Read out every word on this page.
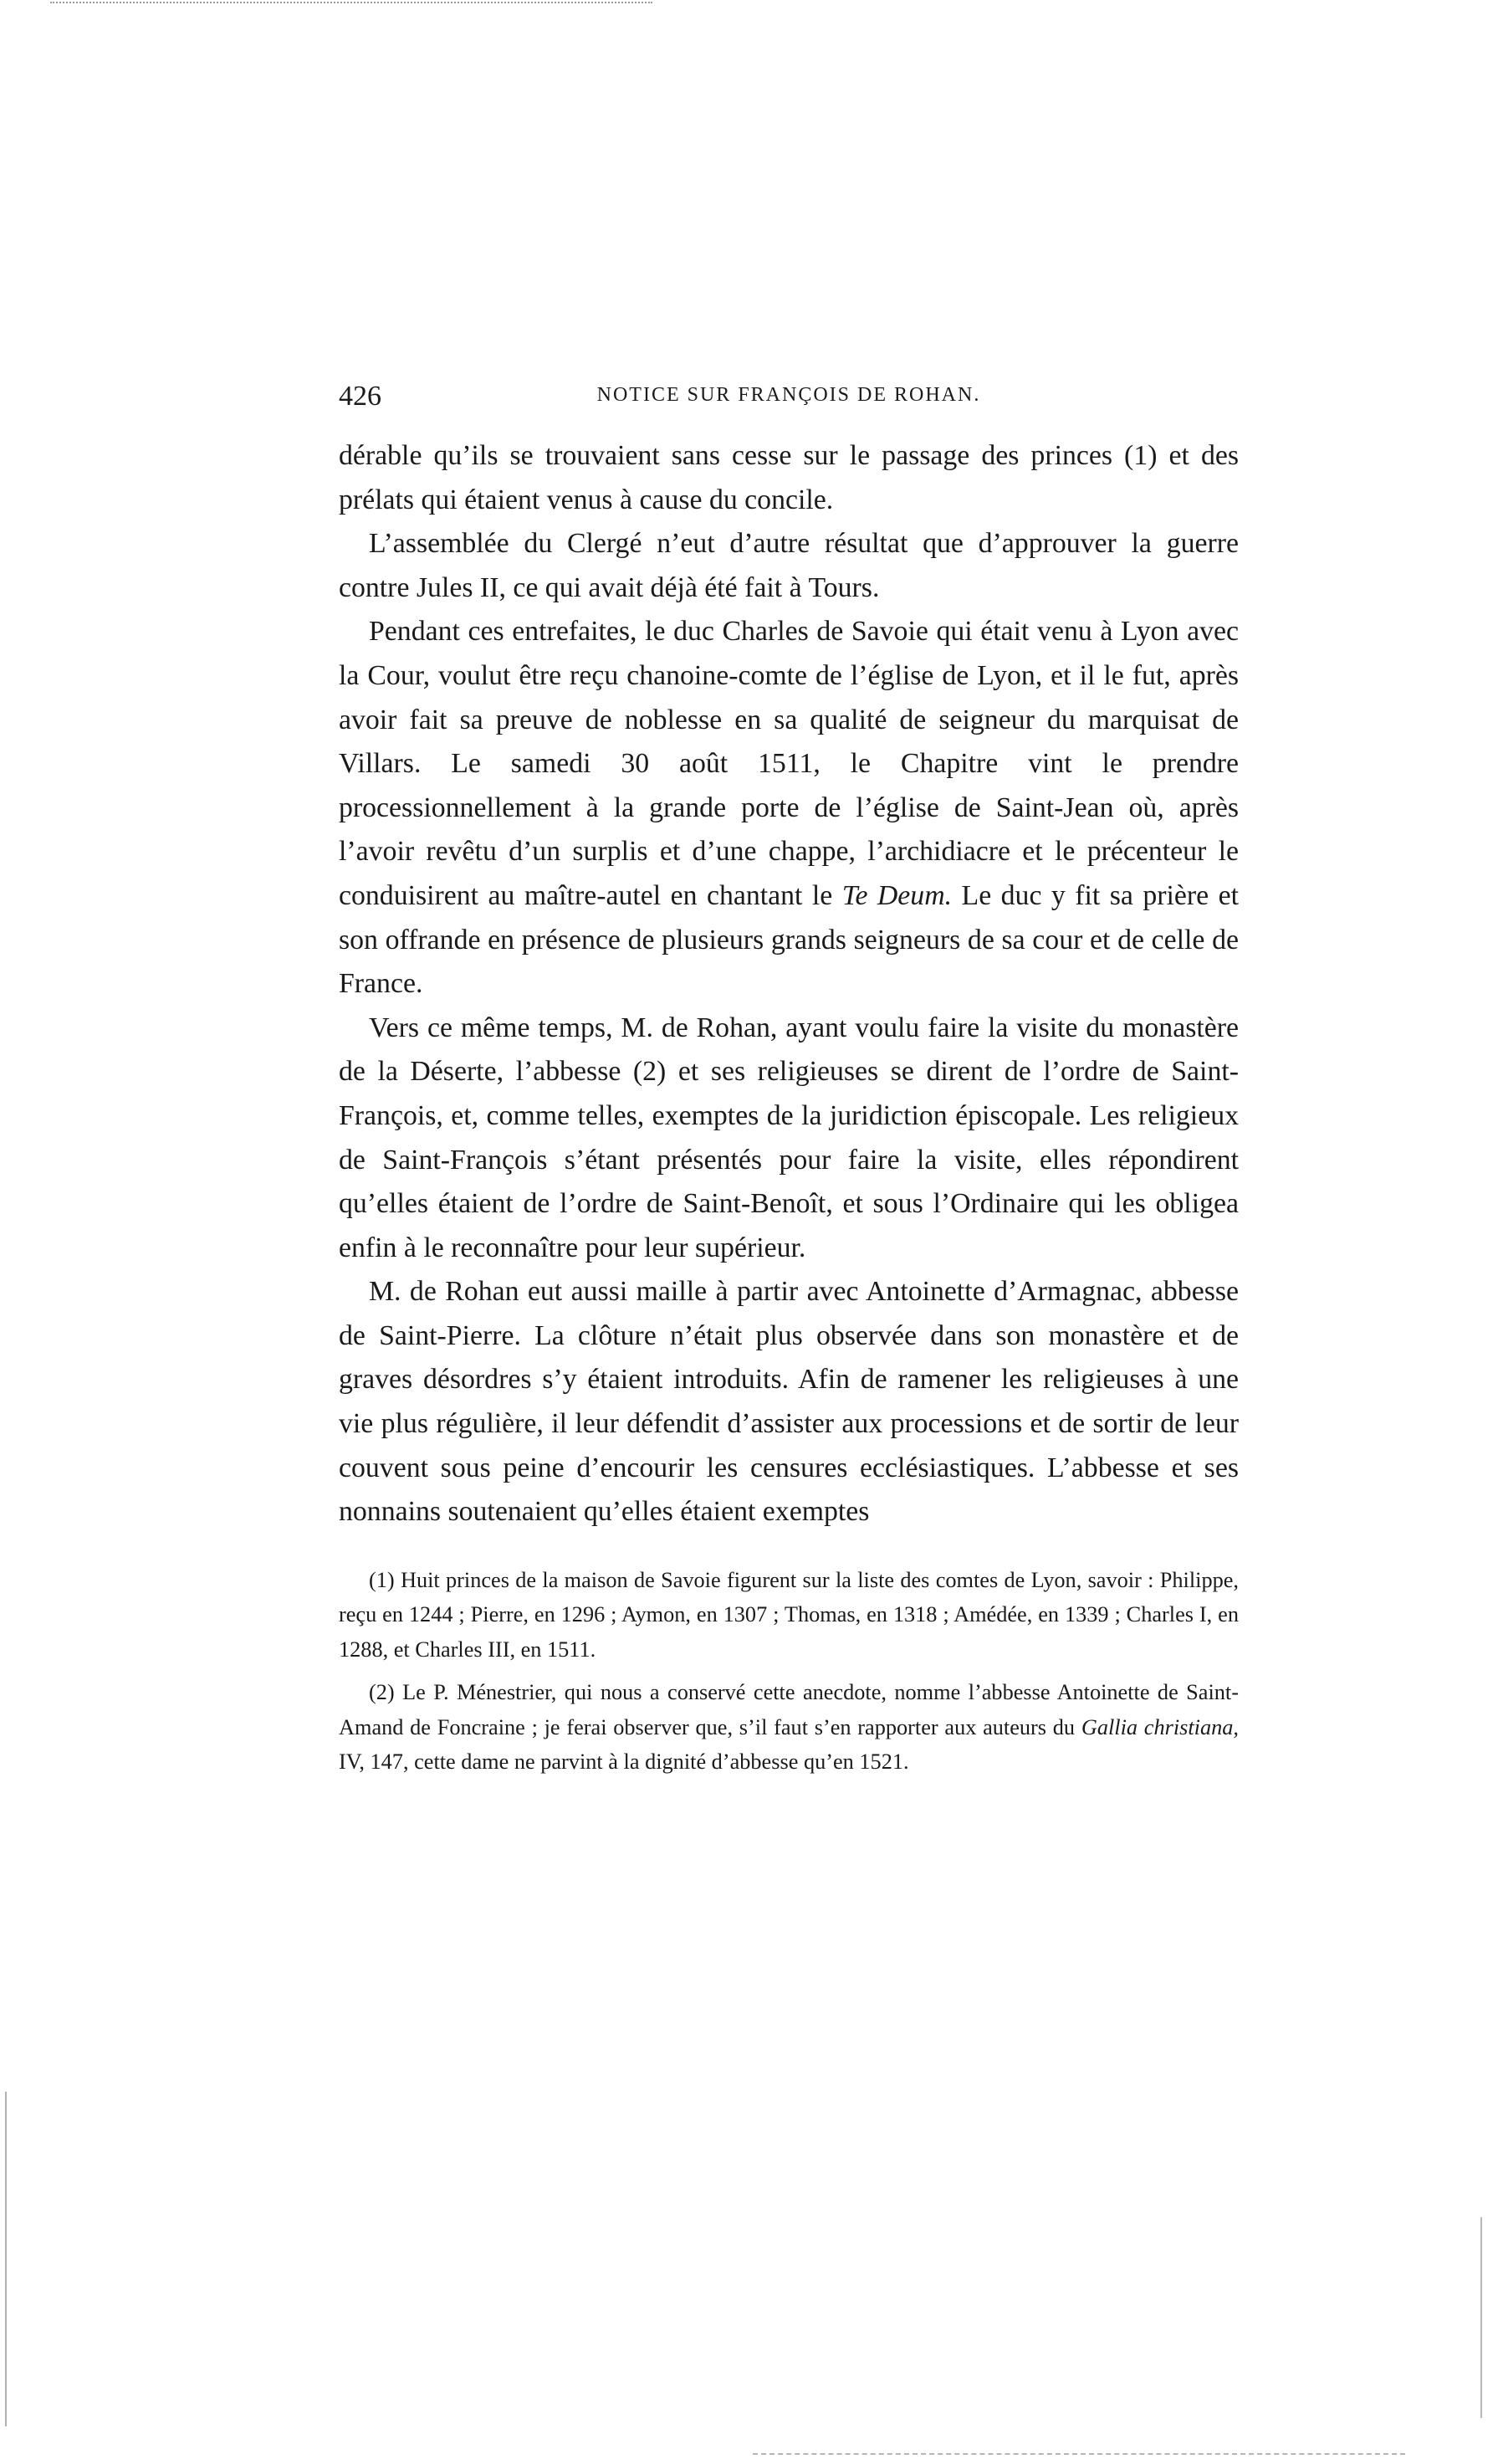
426	NOTICE SUR FRANÇOIS DE ROHAN.

dérable qu’ils se trouvaient sans cesse sur le passage des princes (1) et des prélats qui étaient venus à cause du concile.

L’assemblée du Clergé n’eut d’autre résultat que d’approuver la guerre contre Jules II, ce qui avait déjà été fait à Tours.

Pendant ces entrefaites, le duc Charles de Savoie qui était venu à Lyon avec la Cour, voulut être reçu chanoine-comte de l’église de Lyon, et il le fut, après avoir fait sa preuve de noblesse en sa qualité de seigneur du marquisat de Villars. Le samedi 30 août 1511, le Chapitre vint le prendre processionnellement à la grande porte de l’église de Saint-Jean où, après l’avoir revêtu d’un surplis et d’une chappe, l’archidiacre et le précenteur le conduisirent au maître-autel en chantant le Te Deum. Le duc y fit sa prière et son offrande en présence de plusieurs grands seigneurs de sa cour et de celle de France.

Vers ce même temps, M. de Rohan, ayant voulu faire la visite du monastère de la Déserte, l’abbesse (2) et ses religieuses se dirent de l’ordre de Saint-François, et, comme telles, exemptes de la juridiction épiscopale. Les religieux de Saint-François s’étant présentés pour faire la visite, elles répondirent qu’elles étaient de l’ordre de Saint-Benoît, et sous l’Ordinaire qui les obligea enfin à le reconnaître pour leur supérieur.

M. de Rohan eut aussi maille à partir avec Antoinette d’Armagnac, abbesse de Saint-Pierre. La clôture n’était plus observée dans son monastère et de graves désordres s’y étaient introduits. Afin de ramener les religieuses à une vie plus régulière, il leur défendit d’assister aux processions et de sortir de leur couvent sous peine d’encourir les censures ecclésiastiques. L’abbesse et ses nonnains soutenaient qu’elles étaient exemptes

(1) Huit princes de la maison de Savoie figurent sur la liste des comtes de Lyon, savoir : Philippe, reçu en 1244 ; Pierre, en 1296 ; Aymon, en 1307 ; Thomas, en 1318 ; Amédée, en 1339 ; Charles I, en 1288, et Charles III, en 1511.

(2) Le P. Ménestrier, qui nous a conservé cette anecdote, nomme l’abbesse Antoinette de Saint-Amand de Foncraine ; je ferai observer que, s’il faut s’en rapporter aux auteurs du Gallia christiana, IV, 147, cette dame ne parvint à la dignité d’abbesse qu’en 1521.
